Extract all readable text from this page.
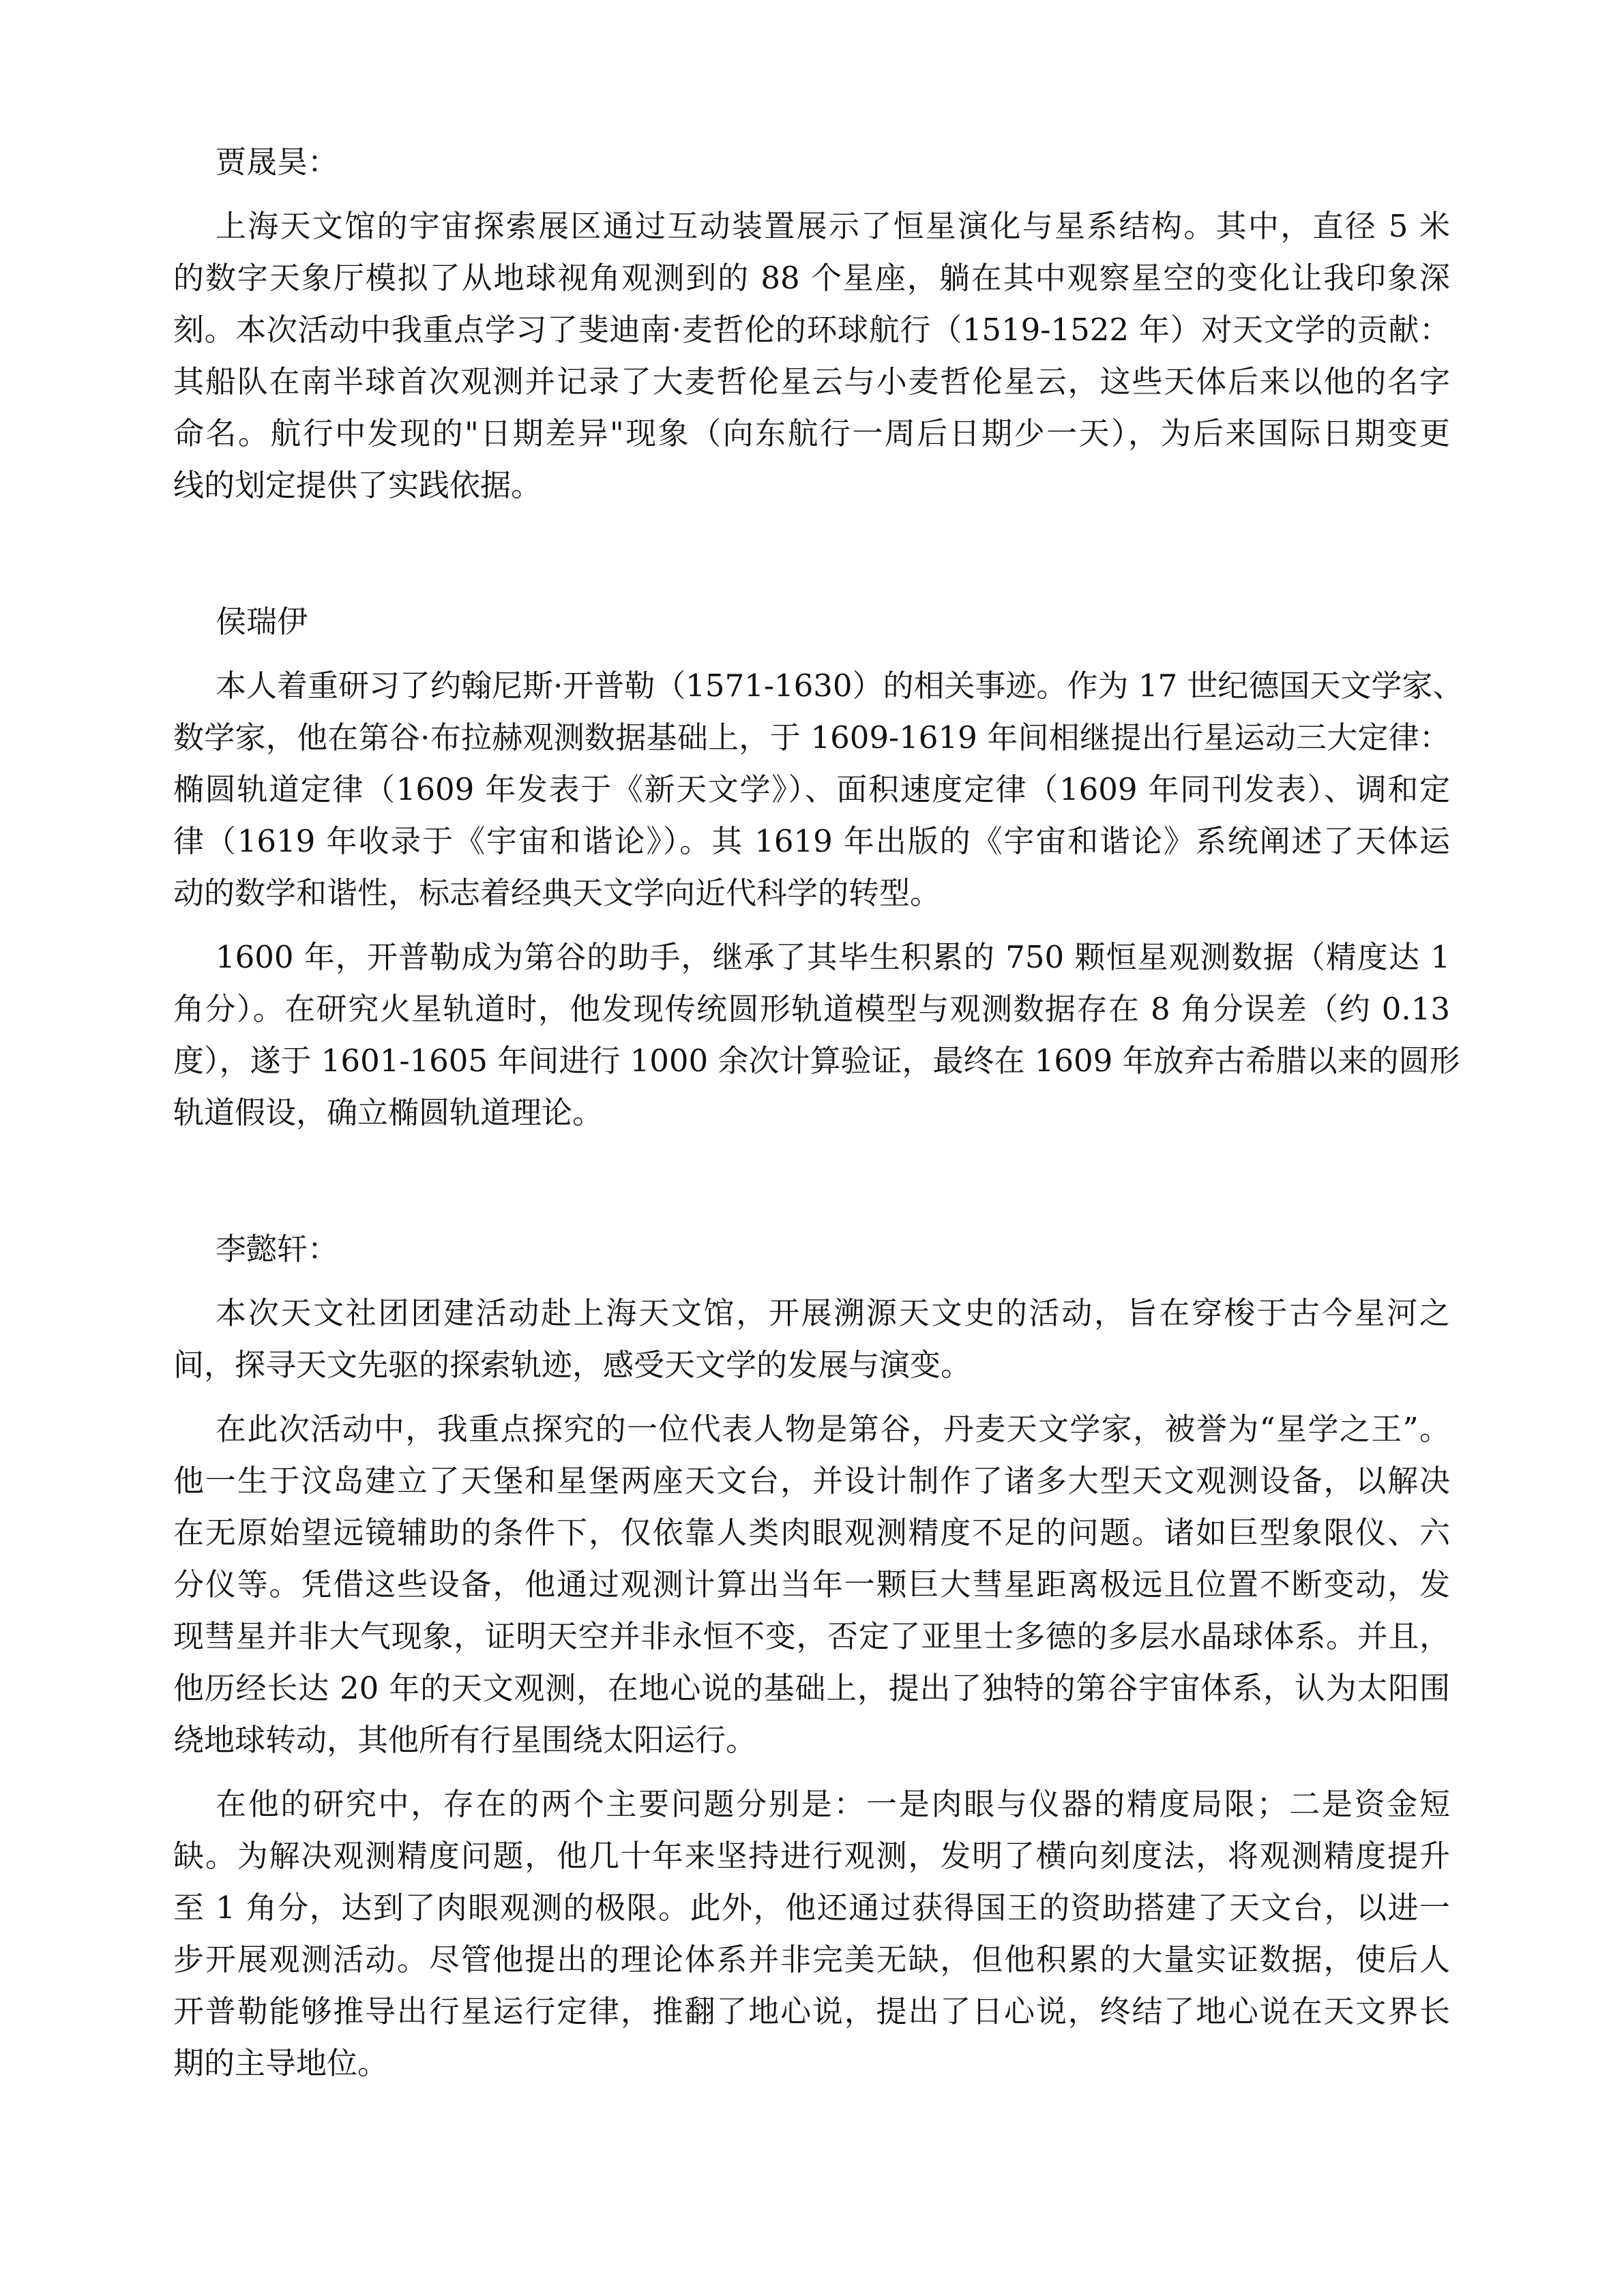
贾晟昊：
上海天文馆的宇宙探索展区通过互动装置展示了恒星演化与星系结构。其中，直径 5 米
的数字天象厅模拟了从地球视角观测到的 88 个星座，躺在其中观察星空的变化让我印象深
刻。本次活动中我重点学习了斐迪南·麦哲伦的环球航行（1519-1522 年）对天文学的贡献：
其船队在南半球首次观测并记录了大麦哲伦星云与小麦哲伦星云，这些天体后来以他的名字
命名。航行中发现的"日期差异"现象（向东航行一周后日期少一天），为后来国际日期变更
线的划定提供了实践依据。
侯瑞伊
本人着重研习了约翰尼斯·开普勒（1571-1630）的相关事迹。作为 17 世纪德国天文学家、
数学家，他在第谷·布拉赫观测数据基础上，于 1609-1619 年间相继提出行星运动三大定律：
椭圆轨道定律（1609 年发表于《新天文学》）、面积速度定律（1609 年同刊发表）、调和定
律（1619 年收录于《宇宙和谐论》）。其 1619 年出版的《宇宙和谐论》系统阐述了天体运
动的数学和谐性，标志着经典天文学向近代科学的转型。
1600 年，开普勒成为第谷的助手，继承了其毕生积累的 750 颗恒星观测数据（精度达 1
角分）。在研究火星轨道时，他发现传统圆形轨道模型与观测数据存在 8 角分误差（约 0.13
度），遂于 1601-1605 年间进行 1000 余次计算验证，最终在 1609 年放弃古希腊以来的圆形
轨道假设，确立椭圆轨道理论。
李懿轩：
本次天文社团团建活动赴上海天文馆，开展溯源天文史的活动，旨在穿梭于古今星河之
间，探寻天文先驱的探索轨迹，感受天文学的发展与演变。
在此次活动中，我重点探究的一位代表人物是第谷，丹麦天文学家，被誉为“星学之王”。
他一生于汶岛建立了天堡和星堡两座天文台，并设计制作了诸多大型天文观测设备，以解决
在无原始望远镜辅助的条件下，仅依靠人类肉眼观测精度不足的问题。诸如巨型象限仪、六
分仪等。凭借这些设备，他通过观测计算出当年一颗巨大彗星距离极远且位置不断变动，发
现彗星并非大气现象，证明天空并非永恒不变，否定了亚里士多德的多层水晶球体系。并且，
他历经长达 20 年的天文观测，在地心说的基础上，提出了独特的第谷宇宙体系，认为太阳围
绕地球转动，其他所有行星围绕太阳运行。
在他的研究中，存在的两个主要问题分别是：一是肉眼与仪器的精度局限；二是资金短
缺。为解决观测精度问题，他几十年来坚持进行观测，发明了横向刻度法，将观测精度提升
至 1 角分，达到了肉眼观测的极限。此外，他还通过获得国王的资助搭建了天文台，以进一
步开展观测活动。尽管他提出的理论体系并非完美无缺，但他积累的大量实证数据，使后人
开普勒能够推导出行星运行定律，推翻了地心说，提出了日心说，终结了地心说在天文界长
期的主导地位。
